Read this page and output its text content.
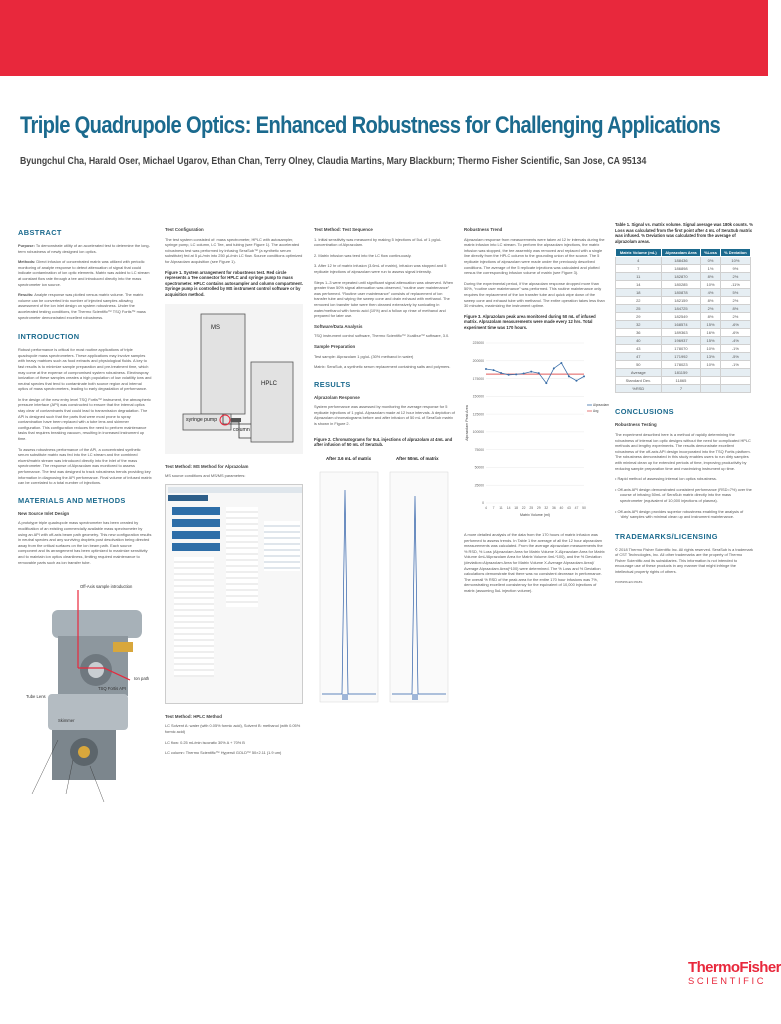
Triple Quadrupole Optics: Enhanced Robustness for Challenging Applications
Byungchul Cha, Harald Oser, Michael Ugarov, Ethan Chan, Terry Olney, Claudia Martins, Mary Blackburn; Thermo Fisher Scientific, San Jose, CA 95134
ABSTRACT

Purpose: To demonstrate utility of an accelerated test to determine the long-term robustness of newly designed ion optics.

Methods: Direct infusion of concentrated matrix was utilized with periodic monitoring of analyte response to detect attenuation of signal that could indicate contamination of ion optic elements. Matrix was added to LC stream at constant flow rate through a tee and introduced directly into the mass spectrometer ion source.

Results: Analyte response was plotted versus matrix volume. The matrix volume can be converted into number of injected samples allowing assessment of the ion inlet design on system robustness. Under the accelerated testing conditions, the Thermo Scientific™ TSQ Fortis™ mass spectrometer demonstrated excellent robustness.

INTRODUCTION

Robust performance is critical for most routine applications of triple quadrupole mass spectrometers. These applications may involve samples with heavy matrices such as food extracts and physiological fluids. A key to fast results is to minimize sample preparation and pre-treatment time, which may come at the expense of compromised system robustness. Electrospray ionization of these samples creates a high population of low volatility ions and neutral species that tend to contaminate both source region and internal optics of mass spectrometers, leading to early degradation of performance.

In the design of the new entry level TSQ Fortis™ instrument, the atmospheric pressure interface (API) was constructed to ensure that the internal optics stay clear of contaminants that could lead to transmission degradation. The API is designed such that the parts that were most prone to spray contamination have been replaced with a tube lens and skimmer configuration. This configuration reduces the need to perform maintenance tasks that requires breaking vacuum, resulting in increased instrument up time.

To assess robustness performance of the API, a concentrated synthetic serum substitute matrix was fed into the LC stream and the combined eluent/matrix stream was introduced directly into the inlet of the mass spectrometer. The response of Alprazolam was monitored to assess performance. The test was designed to track robustness trends providing key information in diagnosing the API performance. Final volume of infused matrix can be correlated to a total number of injections.

MATERIALS AND METHODS
New Source Inlet Design

A prototype triple quadrupole mass spectrometer has been created by modification of an existing commercially available mass spectrometer by using an API with off-axis beam path geometry. This new configuration results in neutral species and any surviving droplets post desolvation being directed away from the critical surfaces on the ion beam path. Each source component and its arrangement has been optimized to maximize sensitivity and to maintain ion optics cleanliness, limiting required maintenance to removable parts such as ion transfer tube.

Off-Axis sample introduction
Ion path
TSQ Fortis API
Tube Lens
Skimmer
Test Configuration

The test system consisted of: mass spectrometer, HPLC with autosampler, syringe pump, LC column, LC Tee, and tubing (see Figure 1). The accelerated robustness test was performed by infusing SeraSub™ (a synthetic serum substitute) fed at 5 µL/min into 250 µL/min LC flow. Source conditions optimized for Alprazolam acquisition (see Figure 1).

Figure 1. System arrangement for robustness test. Red circle represents a Tee connector for HPLC and syringe pump to mass spectrometer. HPLC contains autosampler and column compartment. Syringe pump is controlled by MS instrument control software or by acquisition method.
MS
HPLC
syringe pump
column
Test Method: MS Method for Alprazolam

MS source conditions and MS/MS parameters:

Test Method: HPLC Method

LC Solvent A: water (with 0.05% formic acid), Solvent B: methanol (with 0.05% formic acid)

LC flow: 0.25 mL/min isocratic 30% A + 70% B

LC column: Thermo Scientific™ Hypersil GOLD™ 50×2.11 (1.9 um)

Test Method: Test Sequence

1. Initial sensitivity was measured by making 5 injections of 5uL of 1 pg/uL concentration of Alprazolam.

2. Matrix infusion was teed into the LC flow continuously.

3. After 12 hr of matrix infusion (3.6mL of matrix), infusion was stopped and 5 replicate injections of alprazolam were run to assess signal intensity.

Steps 1–3 were repeated until significant signal attenuation was observed. When greater than 50% signal attenuation was observed, “routine user maintenance” was performed. “Routine user maintenance” consists of replacement of ion transfer tube and wiping the sweep cone and drain exhaust with methanol. The removed ion transfer tube were then cleaned extensively by sonicating in water/methanol with formic acid (10%) and a follow up rinse of methanol and prepared for later use.

Software/Data Analysis

TSQ instrument control software, Thermo Scientific™ Xcalibur™ software, 3.0.

Sample Preparation

Test sample: Alprazolam 1 pg/uL (30% methanol in water)

Matrix: SeraSub, a synthetic serum replacement containing salts and polymers.

RESULTS
Alprazolam Response

System performance was assessed by monitoring the average response for 5 replicate injections of 1 pg/uL Alprazolam made at 12 hour intervals. A depiction of Alprazolam chromatograms before and after infusion of 50 mL of SeraSub matrix is shown in Figure 2.

Figure 2. Chromatograms for 5uL injections of alprazolam at 4mL and after infusion of 50 mL of SeraSub.
After 3.6 mL of matrix	After 50mL of matrix
Robustness Trend

Alprazolam response from measurements were taken at 12 hr intervals during the matrix infusion into LC stream. To perform the alprazolam injections, the matrix infusion was stopped, the tee assembly was removed and replaced with a single line directly from the HPLC column to the grounding union of the source. The 5 replicate injections of alprazolam were made under the previously described conditions. The average of the 5 replicate injections was calculated and plotted versus the corresponding infusion volume of matrix (see Figure 3).

During the experimental period, if the alprazolam response dropped more than 50%, “routine user maintenance” was performed. This routine maintenance only requires the replacement of the ion transfer tube and quick wipe down of the sweep cone and exhaust tube with methanol. The entire operation takes less than 30 minutes, maximizing the instrument uptime.

Figure 3. Alprazolam peak area monitored during 50 mL of infused matrix. Alprazolam measurements were made every 12 hrs. Total experiment time was 170 hours.
0
25000
50000
75000
100000
125000
150000
175000
200000
225000
4 7 11 14 18 22 25 29 32 36 40 43 47 50
Matrix Volume (ml)
Alprazolam Peak Area
Alprazolam
Avg

A more detailed analysis of the data from the 170 hours of matrix infusion was performed to assess trends. In Table 1 the average of all the 12 hour alprazolam measurements was calculated. From the average alprazolam measurements the % RSD, % Loss (Alprazolam Area for Matrix Volume X-Alprazolam Area for Matrix Volume 4mL/Alprazolam Area for Matrix Volume 4mL*100), and the % Deviation (deviation=Alprazolam Area for Matrix Volume X-Average Alprazolam Area)/ Average Alprazolam Area)*100) were determined. The % Loss and % Deviation calculations demonstrate that there was no consistent decrease in performance. The overall % RSD of the peak area for the entire 170 hour infusions was 7%, demonstrating excellent consistency for the equivalent of 10,000 injections of matrix (assuming 5uL injection volume).

Table 1. Signal vs. matrix volume. Signal average was 180k counts. % Loss was calculated from the first point after 4 mL of SeraSub matrix was infused. % Deviation was calculated from the average of alprazolam areas.
Matrix Volume (mL)	Alprazolam Area	%Loss	% Deviation
4	188436	0%	10%
7	186898	1%	9%
11	182870	8%	2%
14	180285	10%	-11%
18	180878	4%	5%
22	182159	8%	2%
25	184725	2%	8%
29	182549	8%	2%
32	168574	15%	-6%
36	189363	16%	-6%
40	196937	15%	-4%
43	178070	10%	-1%
47	171992	13%	-5%
50	178023	10%	-1%
Average	181159		
Standard Dev.	11865		
%RSD	7		
CONCLUSIONS
Robustness Testing

The experiment described here is a method of rapidly determining the robustness of internal ion optic designs without the need for complicated HPLC methods and lengthy experiments. The results demonstrate excellent robustness of the off-axis API design incorporated into the TSQ Fortis platform. The robustness demonstrated in this study enables users to run dirty samples with minimal clean up for extended periods of time, improving productivity by reducing sample preparation time and maximizing instrument up time.

• Rapid method of assessing internal ion optics robustness.

• Off-axis API design demonstrated consistent performance (RSD=7%) over the course of infusing 50mL of SeraSub matrix directly into the mass spectrometer (equivalent of 10,000 injections of plasma).

• Off-axis API design provides superior robustness enabling the analysis of ‘dirty’ samples with minimal clean up and instrument maintenance.

TRADEMARKS/LICENSING

© 2018 Thermo Fisher Scientific Inc. All rights reserved. SeraSub is a trademark of CST Technologies, Inc. All other trademarks are the property of Thermo Fisher Scientific and its subsidiaries. This information is not intended to encourage use of these products in any manner that might infringe the intellectual property rights of others.

PO65356-EN 0518S

ThermoFisher
SCIENTIFIC
